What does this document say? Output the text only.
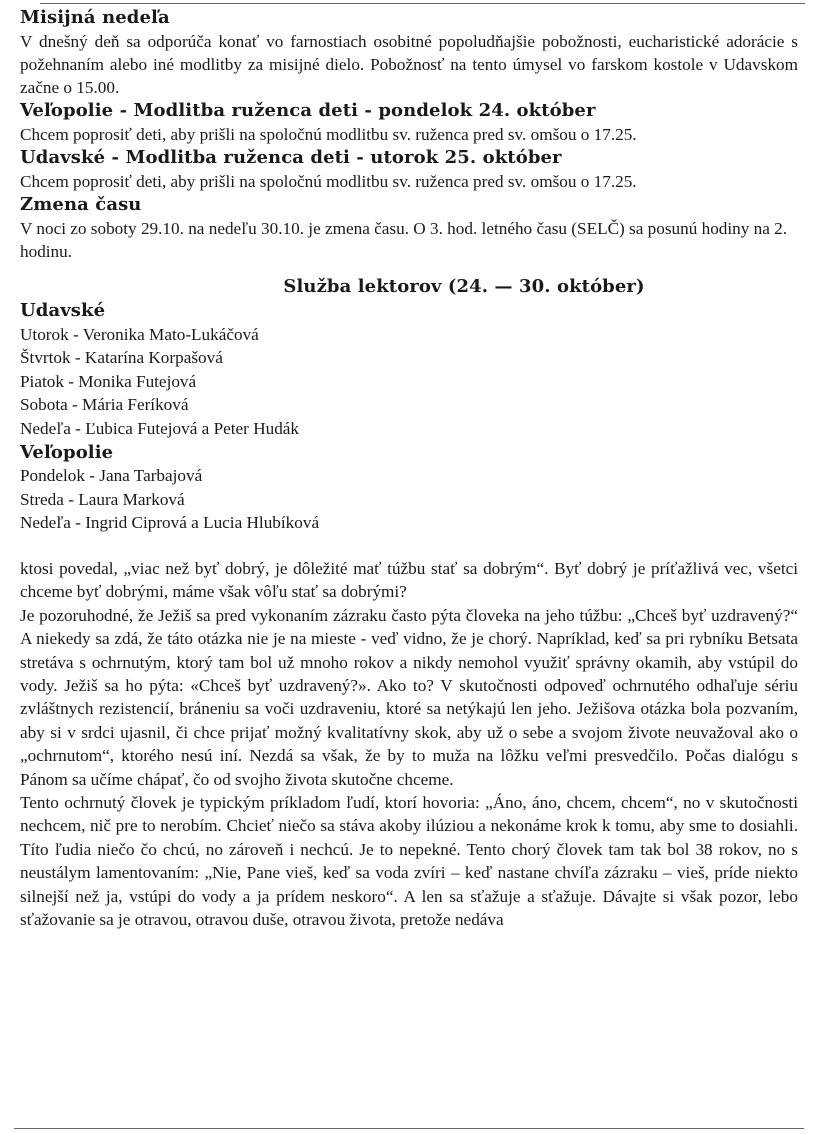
Misijná nedeľa

V dnešný deň sa odporúča konať vo farnostiach osobitné popoludňajšie pobožnosti, eucharistické adorácie s požehnaním alebo iné modlitby za misijné dielo. Pobožnosť na tento úmysel vo farskom kostole v Udavskom začne o 15.00.

Veľopolie - Modlitba ruženca deti - pondelok 24. október

Chcem poprosiť deti, aby prišli na spoločnú modlitbu sv. ruženca pred sv. omšou o 17.25.

Udavské - Modlitba ruženca deti - utorok 25. október

Chcem poprosiť deti, aby prišli na spoločnú modlitbu sv. ruženca pred sv. omšou o 17.25.

Zmena času

V noci zo soboty 29.10. na nedeľu 30.10. je zmena času. O 3. hod. letného času (SELČ) sa posunú hodiny na 2. hodinu.

Služba lektorov (24. — 30. október)
Udavské
Utorok - Veronika Mato-Lukáčová
Štvrtok - Katarína Korpašová
Piatok - Monika Futejová
Sobota - Mária Feríková
Nedeľa - Ľubica Futejová a Peter Hudák
Veľopolie
Pondelok - Jana Tarbajová
Streda - Laura Marková
Nedeľa - Ingrid Ciprová a Lucia Hlubíková

ktosi povedal, „viac než byť dobrý, je dôležité mať túžbu stať sa dobrým“. Byť dobrý je príťažlivá vec, všetci chceme byť dobrými, máme však vôľu stať sa dobrými?

Je pozoruhodné, že Ježiš sa pred vykonaním zázraku často pýta človeka na jeho túžbu: „Chceš byť uzdravený?“ A niekedy sa zdá, že táto otázka nie je na mieste - veď vidno, že je chorý. Napríklad, keď sa pri rybníku Betsata stretáva s ochrnutým, ktorý tam bol už mnoho rokov a nikdy nemohol využiť správny okamih, aby vstúpil do vody. Ježiš sa ho pýta: «Chceš byť uzdravený?». Ako to? V skutočnosti odpoveď ochrnutého odhaľuje sériu zvláštnych rezistencií, bráneniu sa voči uzdraveniu, ktoré sa netýkajú len jeho. Ježišova otázka bola pozvaním, aby si v srdci ujasnil, či chce prijať možný kvalitatívny skok, aby už o sebe a svojom živote neuvažoval ako o „ochrnutom“, ktorého nesú iní. Nezdá sa však, že by to muža na lôžku veľmi presvedčilo. Počas dialógu s Pánom sa učíme chápať, čo od svojho života skutočne chceme.

Tento ochrnutý človek je typickým príkladom ľudí, ktorí hovoria: „Áno, áno, chcem, chcem“, no v skutočnosti nechcem, nič pre to nerobím. Chcieť niečo sa stáva akoby ilúziou a nekonáme krok k tomu, aby sme to dosiahli. Títo ľudia niečo čo chcú, no zároveň i nechcú. Je to nepekné. Tento chorý človek tam tak bol 38 rokov, no s neustálym lamentovaním: „Nie, Pane vieš, keď sa voda zvíri – keď nastane chvíľa zázraku – vieš, príde niekto silnejší než ja, vstúpi do vody a ja prídem neskoro“. A len sa sťažuje a sťažuje. Dávajte si však pozor, lebo sťažovanie sa je otravou, otravou duše, otravou života, pretože nedáva
